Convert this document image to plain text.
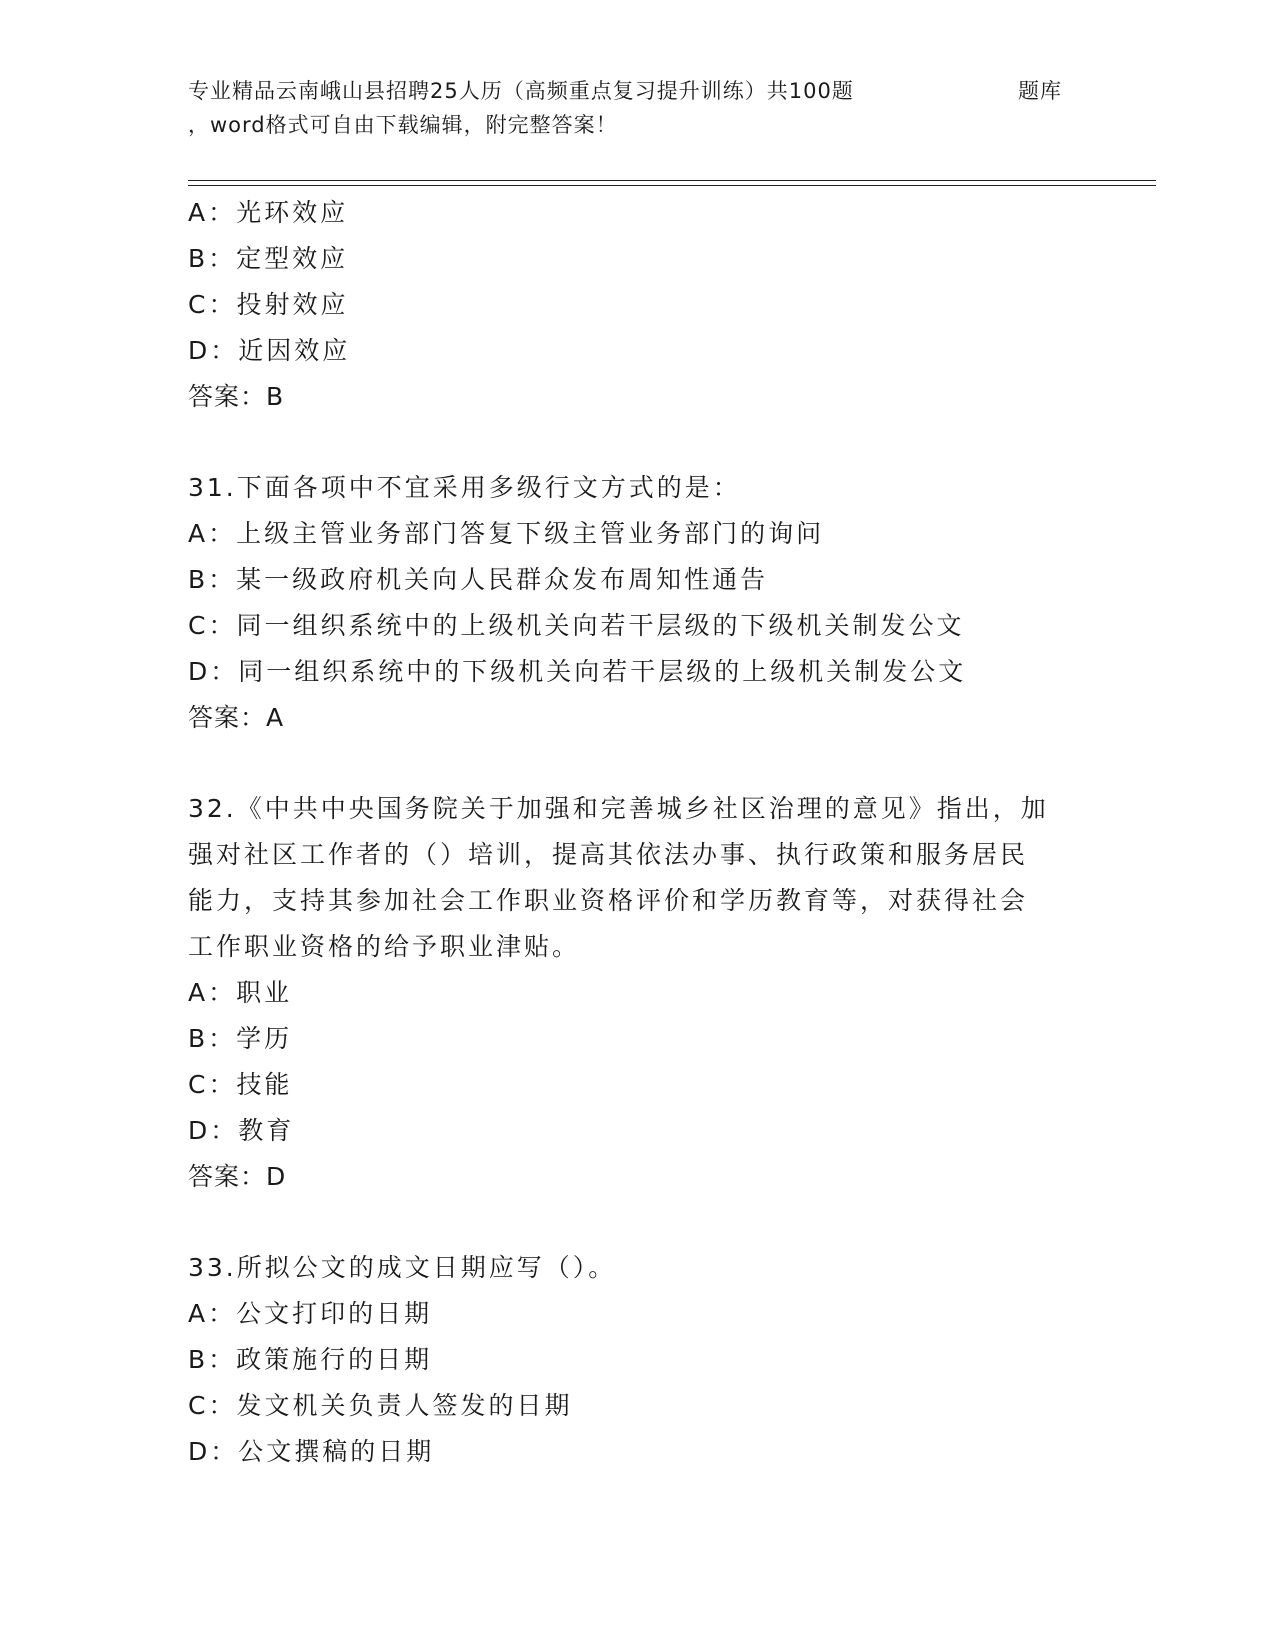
专业精品云南峨山县招聘25人历（高频重点复习提升训练）共100题	题库
，word格式可自由下载编辑，附完整答案！
A：光环效应
B：定型效应
C：投射效应
D：近因效应
答案：B
31.下面各项中不宜采用多级行文方式的是：
A：上级主管业务部门答复下级主管业务部门的询问
B：某一级政府机关向人民群众发布周知性通告
C：同一组织系统中的上级机关向若干层级的下级机关制发公文
D：同一组织系统中的下级机关向若干层级的上级机关制发公文
答案：A
32.《中共中央国务院关于加强和完善城乡社区治理的意见》指出，加
强对社区工作者的（）培训，提高其依法办事、执行政策和服务居民
能力，支持其参加社会工作职业资格评价和学历教育等，对获得社会
工作职业资格的给予职业津贴。
A：职业
B：学历
C：技能
D：教育
答案：D
33.所拟公文的成文日期应写（）。
A：公文打印的日期
B：政策施行的日期
C：发文机关负责人签发的日期
D：公文撰稿的日期
